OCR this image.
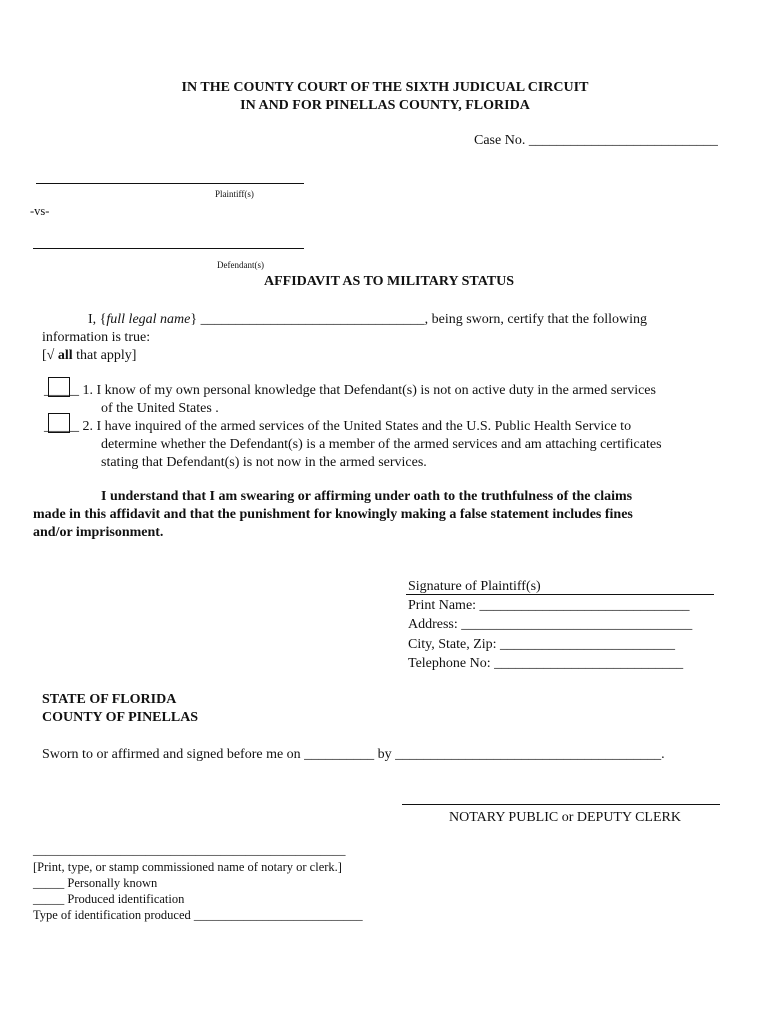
IN THE COUNTY COURT OF THE SIXTH JUDICUAL CIRCUIT
IN AND FOR PINELLAS COUNTY, FLORIDA
Case No. ___________________________
Plaintiff(s)
-vs-
Defendant(s)
AFFIDAVIT AS TO MILITARY STATUS
I, {full legal name} ________________________________, being sworn, certify that the following
information is true:
[√ all that apply]
_____ 1. I know of my own personal knowledge that Defendant(s) is not on active duty in the armed services
of the United States .
_____ 2. I have inquired of the armed services of the United States and the U.S. Public Health Service to
determine whether the Defendant(s) is a member of the armed services and am attaching certificates
stating that Defendant(s) is not now in the armed services.
I understand that I am swearing or affirming under oath to the truthfulness of the claims
made in this affidavit and that the punishment for knowingly making a false statement includes fines
and/or imprisonment.
Signature of Plaintiff(s)
Print Name: ______________________________
Address: _________________________________
City, State, Zip: _________________________
Telephone No: ___________________________
STATE OF FLORIDA
COUNTY OF PINELLAS
Sworn to or affirmed and signed before me on __________ by ______________________________________.
NOTARY PUBLIC or DEPUTY CLERK
__________________________________________________
[Print, type, or stamp commissioned name of notary or clerk.]
_____ Personally known
_____ Produced identification
Type of identification produced ___________________________
